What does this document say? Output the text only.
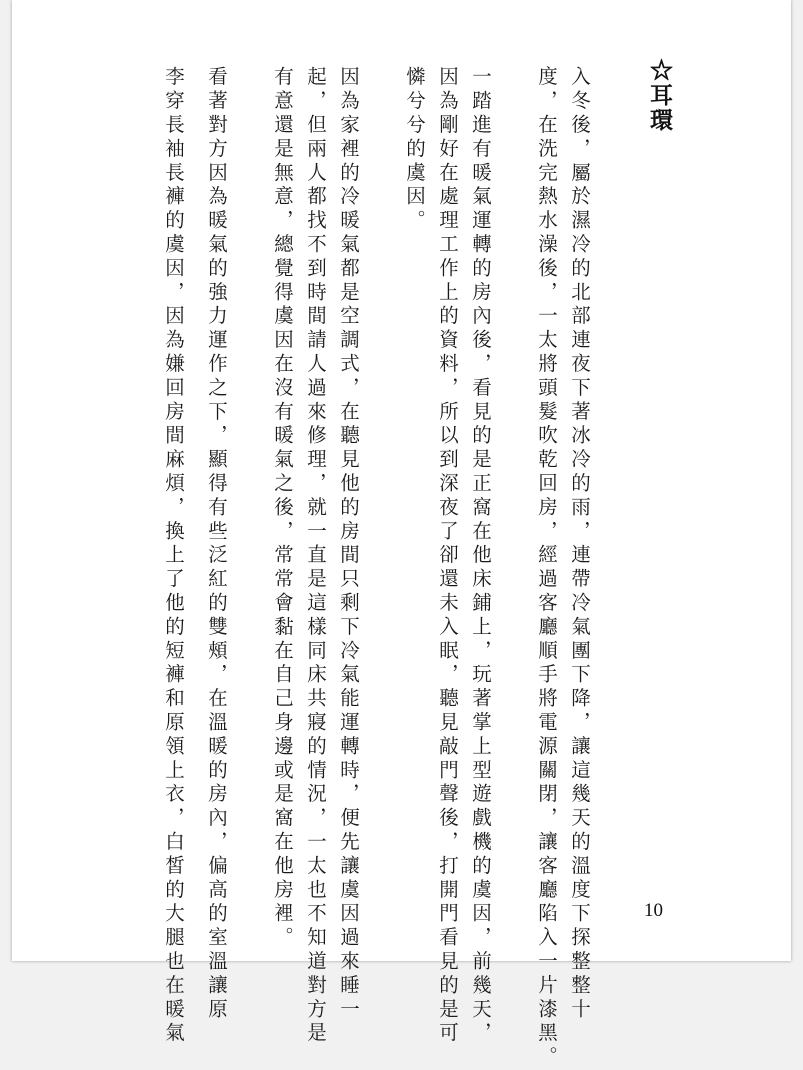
☆耳環
入冬後，屬於濕冷的北部連夜下著冰冷的雨，連帶冷氣團下降，讓這幾天的溫度下探整整十
度，在洗完熱水澡後，一太將頭髮吹乾回房，經過客廳順手將電源關閉，讓客廳陷入一片漆黑。
一踏進有暖氣運轉的房內後，看見的是正窩在他床鋪上，玩著掌上型遊戲機的虞因，前幾天，
因為剛好在處理工作上的資料，所以到深夜了卻還未入眠，聽見敲門聲後，打開門看見的是可
憐兮兮的虞因。
因為家裡的冷暖氣都是空調式，在聽見他的房間只剩下冷氣能運轉時，便先讓虞因過來睡一
起，但兩人都找不到時間請人過來修理，就一直是這樣同床共寢的情況，一太也不知道對方是
有意還是無意，總覺得虞因在沒有暖氣之後，常常會黏在自己身邊或是窩在他房裡。
看著對方因為暖氣的強力運作之下，顯得有些泛紅的雙頰，在溫暖的房內，偏高的室溫讓原
李穿長袖長褲的虞因，因為嫌回房間麻煩，換上了他的短褲和原領上衣，白皙的大腿也在暖氣	10
